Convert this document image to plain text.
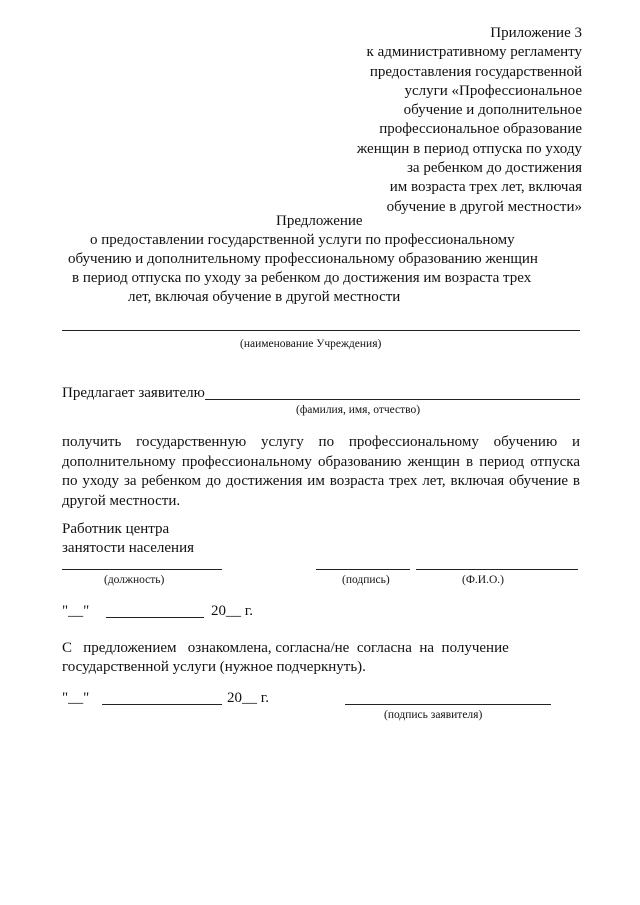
Приложение 3
к административному регламенту
предоставления государственной
услуги «Профессиональное
обучение и дополнительное
профессиональное образование
женщин в период отпуска по уходу
за ребенком до достижения
им возраста трех лет, включая
обучение в другой местности»
Предложение
о предоставлении государственной услуги по профессиональному
обучению и дополнительному профессиональному образованию женщин
в период отпуска по уходу за ребенком до достижения им возраста трех
лет, включая обучение в другой местности
(наименование Учреждения)
Предлагает заявителю
(фамилия, имя, отчество)
получить государственную услугу по профессиональному обучению и
дополнительному профессиональному образованию женщин в период отпуска
по уходу за ребенком до достижения им возраста трех лет, включая обучение в
другой местности.
Работник центра
занятости населения
(должность)	(подпись)	(Ф.И.О.)
"__"	20__ г.
С   предложением   ознакомлена, согласна/не  согласна  на  получение
государственной услуги (нужное подчеркнуть).
"__"	20__ г.
(подпись заявителя)
